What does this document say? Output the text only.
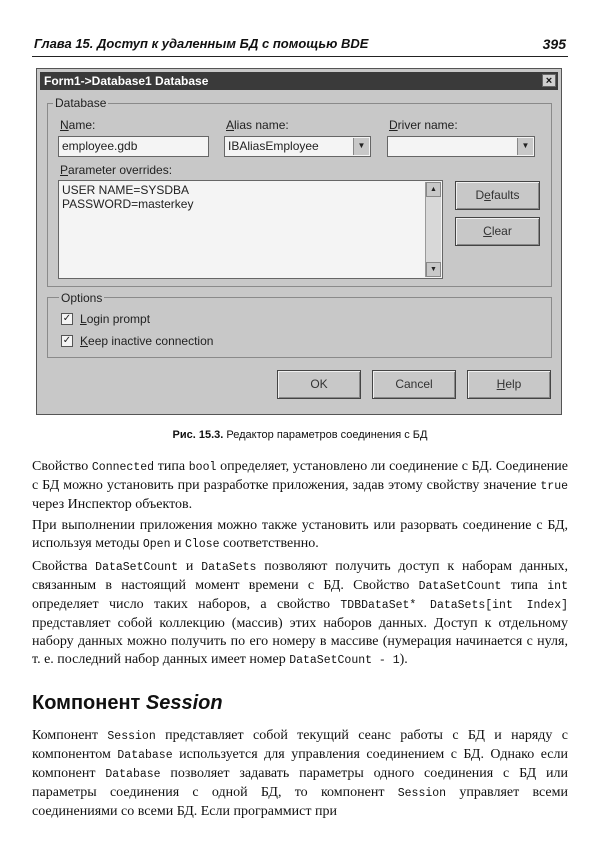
Глава 15. Доступ к удаленным БД с помощью BDE	395
Form1->Database1 Database	×
Database
Name:
employee.gdb
Alias name:
IBAliasEmployee	▼
Driver name:
▼
Parameter overrides:
USER NAME=SYSDBA
PASSWORD=masterkey
▲
▼
Defaults
Clear
Options
✓ Login prompt
✓ Keep inactive connection
OK	Cancel	Help
Рис. 15.3. Редактор параметров соединения с БД

Свойство Connected типа bool определяет, установлено ли соединение с БД. Соединение с БД можно установить при разработке приложения, задав этому свойству значение true через Инспектор объектов.

При выполнении приложения можно также установить или разорвать соединение с БД, используя методы Open и Close соответственно.

Свойства DataSetCount и DataSets позволяют получить доступ к наборам данных, связанным в настоящий момент времени с БД. Свойство DataSetCount типа int определяет число таких наборов, а свойство TDBDataSet* DataSets[int Index] представляет собой коллекцию (массив) этих наборов данных. Доступ к отдельному набору данных можно получить по его номеру в массиве (нумерация начинается с нуля, т. е. последний набор данных имеет номер DataSetCount - 1).

Компонент Session

Компонент Session представляет собой текущий сеанс работы с БД и наряду с компонентом Database используется для управления соединением с БД. Однако если компонент Database позволяет задавать параметры одного соединения с БД или параметры соединения с одной БД, то компонент Session управляет всеми соединениями со всеми БД. Если программист при
